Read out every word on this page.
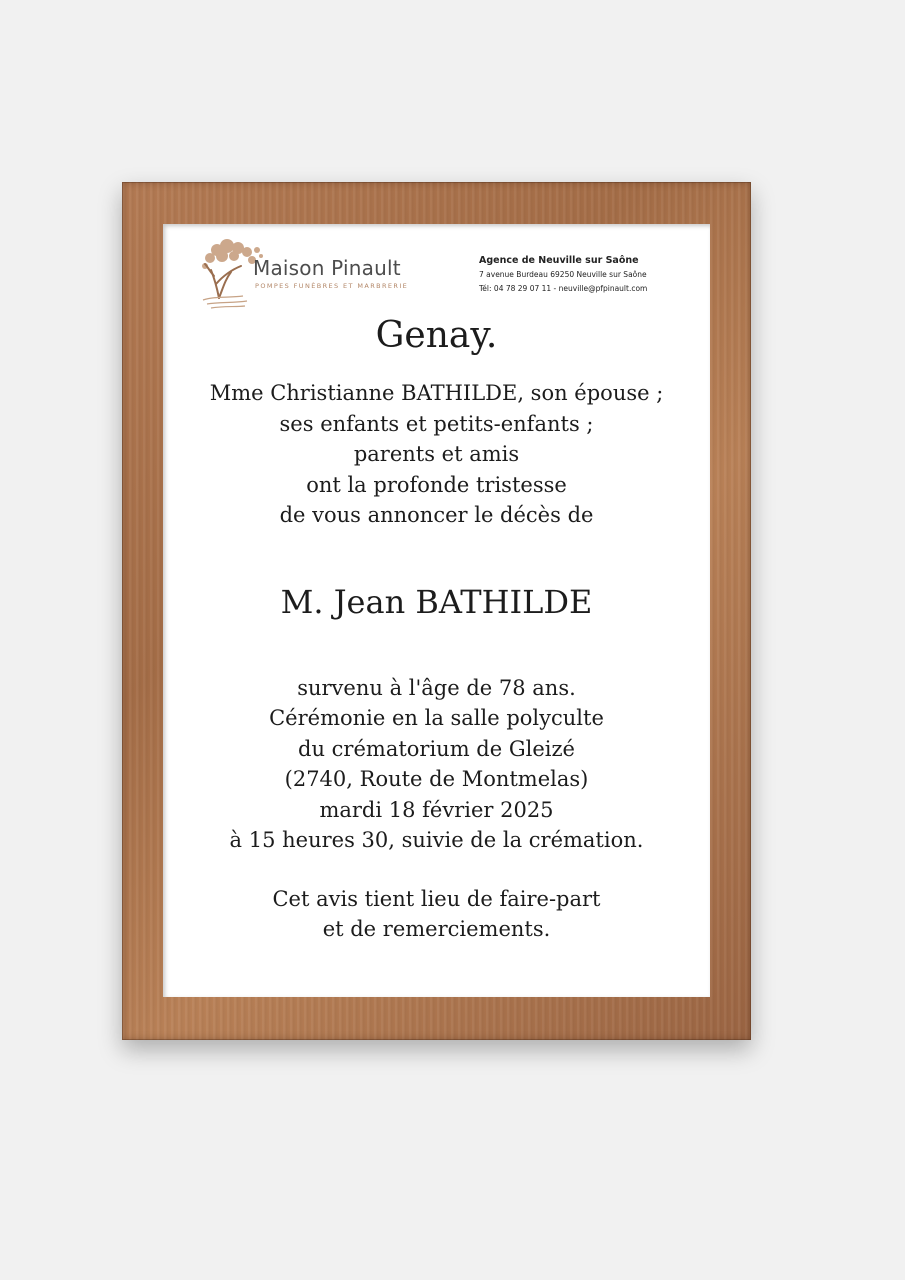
Maison Pinault
POMPES FUNÈBRES ET MARBRERIE
Agence de Neuville sur Saône
7 avenue Burdeau 69250 Neuville sur Saône
Tél: 04 78 29 07 11 - neuville@pfpinault.com
Genay.
Mme Christianne BATHILDE, son épouse ;
ses enfants et petits-enfants ;
parents et amis
ont la profonde tristesse
de vous annoncer le décès de
M. Jean BATHILDE
survenu à l'âge de 78 ans.
Cérémonie en la salle polyculte
du crématorium de Gleizé
(2740, Route de Montmelas)
mardi 18 février 2025
à 15 heures 30, suivie de la crémation.
Cet avis tient lieu de faire-part
et de remerciements.
